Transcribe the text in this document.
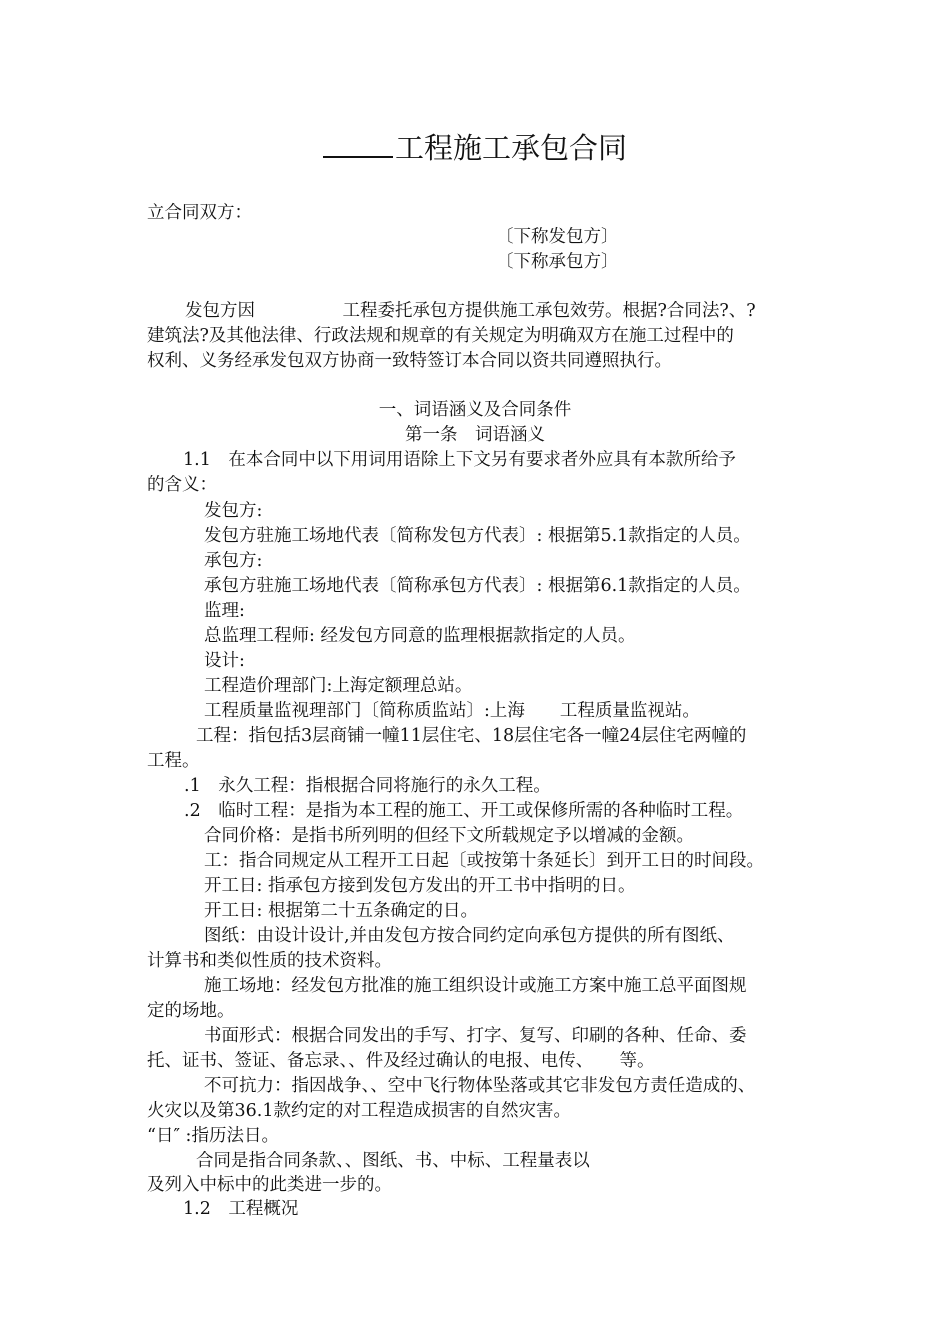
工程施工承包合同
立合同双方：
〔下称发包方〕
〔下称承包方〕
发包方因　　　　　工程委托承包方提供施工承包效劳。根据?合同法?、?
建筑法?及其他法律、行政法规和规章的有关规定为明确双方在施工过程中的
权利、义务经承发包双方协商一致特签订本合同以资共同遵照执行。
一、词语涵义及合同条件
第一条　词语涵义
1.1　在本合同中以下用词用语除上下文另有要求者外应具有本款所给予
的含义：
发包方:
发包方驻施工场地代表〔简称发包方代表〕: 根据第5.1款指定的人员。
承包方:
承包方驻施工场地代表〔简称承包方代表〕: 根据第6.1款指定的人员。
监理:
总监理工程师: 经发包方同意的监理根据款指定的人员。
设计:
工程造价理部门:上海定额理总站。
工程质量监视理部门〔简称质监站〕:上海　　工程质量监视站。
工程：指包括3层商铺一幢11层住宅、18层住宅各一幢24层住宅两幢的
工程。
.1　永久工程：指根据合同将施行的永久工程。
.2　临时工程：是指为本工程的施工、开工或保修所需的各种临时工程。
合同价格：是指书所列明的但经下文所载规定予以增减的金额。
工：指合同规定从工程开工日起〔或按第十条延长〕到开工日的时间段。
开工日: 指承包方接到发包方发出的开工书中指明的日。
开工日: 根据第二十五条确定的日。
图纸：由设计设计,并由发包方按合同约定向承包方提供的所有图纸、
计算书和类似性质的技术资料。
施工场地：经发包方批准的施工组织设计或施工方案中施工总平面图规
定的场地。
书面形式：根据合同发出的手写、打字、复写、印刷的各种、任命、委
托、证书、签证、备忘录、、件及经过确认的电报、电传、　　等。
不可抗力：指因战争、、空中飞行物体坠落或其它非发包方责任造成的、
火灾以及第36.1款约定的对工程造成损害的自然灾害。
“日″ :指历法日。
合同是指合同条款、、图纸、书、中标、工程量表以
及列入中标中的此类进一步的。
1.2　工程概况
